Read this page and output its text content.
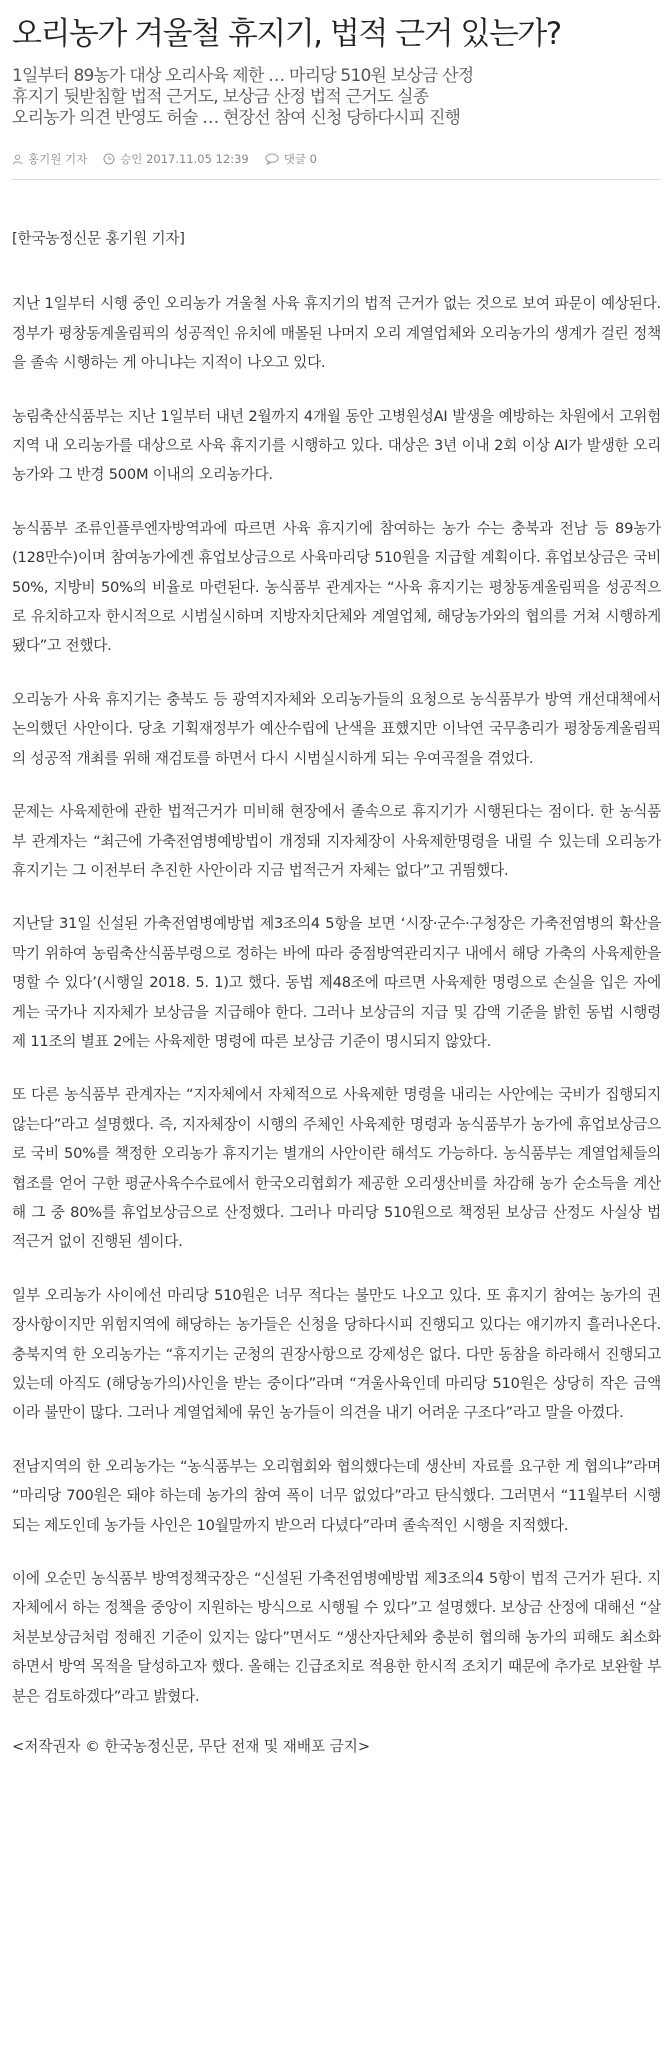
오리농가 겨울철 휴지기, 법적 근거 있는가?
1일부터 89농가 대상 오리사육 제한 … 마리당 510원 보상금 산정
휴지기 뒷받침할 법적 근거도, 보상금 산정 법적 근거도 실종
오리농가 의견 반영도 허술 … 현장선 참여 신청 당하다시피 진행
홍기원 기자	승인 2017.11.05 12:39	댓글 0

[한국농정신문 홍기원 기자]

지난 1일부터 시행 중인 오리농가 겨울철 사육 휴지기의 법적 근거가 없는 것으로 보여 파문이 예상된다. 정부가 평창동계올림픽의 성공적인 유치에 매몰된 나머지 오리 계열업체와 오리농가의 생계가 걸린 정책을 졸속 시행하는 게 아니냐는 지적이 나오고 있다.

농림축산식품부는 지난 1일부터 내년 2월까지 4개월 동안 고병원성AI 발생을 예방하는 차원에서 고위험지역 내 오리농가를 대상으로 사육 휴지기를 시행하고 있다. 대상은 3년 이내 2회 이상 AI가 발생한 오리농가와 그 반경 500M 이내의 오리농가다.

농식품부 조류인플루엔자방역과에 따르면 사육 휴지기에 참여하는 농가 수는 충북과 전남 등 89농가(128만수)이며 참여농가에겐 휴업보상금으로 사육마리당 510원을 지급할 계획이다. 휴업보상금은 국비 50%, 지방비 50%의 비율로 마련된다. 농식품부 관계자는 “사육 휴지기는 평창동계올림픽을 성공적으로 유치하고자 한시적으로 시범실시하며 지방자치단체와 계열업체, 해당농가와의 협의를 거쳐 시행하게 됐다”고 전했다.

오리농가 사육 휴지기는 충북도 등 광역지자체와 오리농가들의 요청으로 농식품부가 방역 개선대책에서 논의했던 사안이다. 당초 기획재정부가 예산수립에 난색을 표했지만 이낙연 국무총리가 평창동계올림픽의 성공적 개최를 위해 재검토를 하면서 다시 시범실시하게 되는 우여곡절을 겪었다.

문제는 사육제한에 관한 법적근거가 미비해 현장에서 졸속으로 휴지기가 시행된다는 점이다. 한 농식품부 관계자는 “최근에 가축전염병예방법이 개정돼 지자체장이 사육제한명령을 내릴 수 있는데 오리농가 휴지기는 그 이전부터 추진한 사안이라 지금 법적근거 자체는 없다”고 귀띔했다.

지난달 31일 신설된 가축전염병예방법 제3조의4 5항을 보면 ‘시장·군수·구청장은 가축전염병의 확산을 막기 위하여 농림축산식품부령으로 정하는 바에 따라 중점방역관리지구 내에서 해당 가축의 사육제한을 명할 수 있다’(시행일 2018. 5. 1)고 했다. 동법 제48조에 따르면 사육제한 명령으로 손실을 입은 자에게는 국가나 지자체가 보상금을 지급해야 한다. 그러나 보상금의 지급 및 감액 기준을 밝힌 동법 시행령 제 11조의 별표 2에는 사육제한 명령에 따른 보상금 기준이 명시되지 않았다.

또 다른 농식품부 관계자는 “지자체에서 자체적으로 사육제한 명령을 내리는 사안에는 국비가 집행되지 않는다”라고 설명했다. 즉, 지자체장이 시행의 주체인 사육제한 명령과 농식품부가 농가에 휴업보상금으로 국비 50%를 책정한 오리농가 휴지기는 별개의 사안이란 해석도 가능하다. 농식품부는 계열업체들의 협조를 얻어 구한 평균사육수수료에서 한국오리협회가 제공한 오리생산비를 차감해 농가 순소득을 계산해 그 중 80%를 휴업보상금으로 산정했다. 그러나 마리당 510원으로 책정된 보상금 산정도 사실상 법적근거 없이 진행된 셈이다.

일부 오리농가 사이에선 마리당 510원은 너무 적다는 불만도 나오고 있다. 또 휴지기 참여는 농가의 권장사항이지만 위험지역에 해당하는 농가들은 신청을 당하다시피 진행되고 있다는 얘기까지 흘러나온다. 충북지역 한 오리농가는 “휴지기는 군청의 권장사항으로 강제성은 없다. 다만 동참을 하라해서 진행되고 있는데 아직도 (해당농가의)사인을 받는 중이다”라며 “겨울사육인데 마리당 510원은 상당히 작은 금액이라 불만이 많다. 그러나 계열업체에 묶인 농가들이 의견을 내기 어려운 구조다”라고 말을 아꼈다.

전남지역의 한 오리농가는 “농식품부는 오리협회와 협의했다는데 생산비 자료를 요구한 게 협의냐”라며 “마리당 700원은 돼야 하는데 농가의 참여 폭이 너무 없었다”라고 탄식했다. 그러면서 “11월부터 시행되는 제도인데 농가들 사인은 10월말까지 받으러 다녔다”라며 졸속적인 시행을 지적했다.

이에 오순민 농식품부 방역정책국장은 “신설된 가축전염병예방법 제3조의4 5항이 법적 근거가 된다. 지자체에서 하는 정책을 중앙이 지원하는 방식으로 시행될 수 있다”고 설명했다. 보상금 산정에 대해선 “살처분보상금처럼 정해진 기준이 있지는 않다”면서도 “생산자단체와 충분히 협의해 농가의 피해도 최소화하면서 방역 목적을 달성하고자 했다. 올해는 긴급조치로 적용한 한시적 조치기 때문에 추가로 보완할 부분은 검토하겠다”라고 밝혔다.

<저작권자 © 한국농정신문, 무단 전재 및 재배포 금지>
